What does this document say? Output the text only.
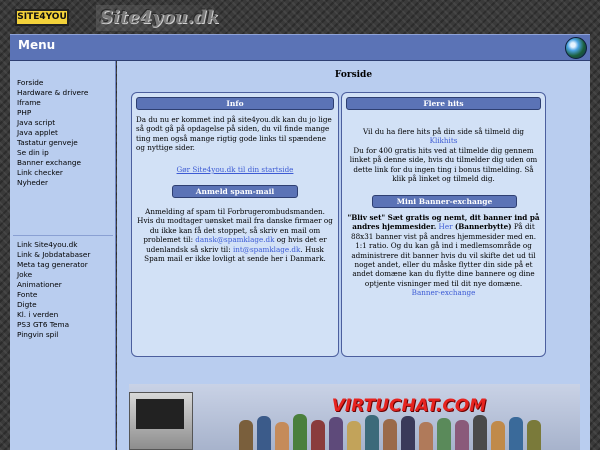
SITE4YOU Site4you.dk
Menu
Forside
Hardware & drivere
Iframe
PHP
Java script
Java applet
Tastatur genveje
Se din ip
Banner exchange
Link checker
Nyheder
Link Site4you.dk
Link & Jobdatabaser
Meta tag generator
Joke
Animationer
Fonte
Digte
Kl. i verden
PS3 GT6 Tema
Pingvin spil
Forside
Info
Da du nu er kommet ind på site4you.dk kan du jo lige så godt gå på opdagelse på siden, du vil finde mange ting men også mange rigtig gode links til spændene og nyttige sider.
Gør Site4you.dk til din startside
Anmeld spam-mail
Anmelding af spam til Forbrugerombudsmanden. Hvis du modtager uønsket mail fra danske firmaer og du ikke kan få det stoppet, så skriv en mail om problemet til: dansk@spamklage.dk og hvis det er udenlandsk så skriv til: int@spamklage.dk. Husk Spam mail er ikke lovligt at sende her i Danmark.
Flere hits
Vil du ha flere hits på din side så tilmeld dig
Klikhits
Du for 400 gratis hits ved at tilmelde dig gennem linket på denne side, hvis du tilmelder dig uden om dette link for du ingen ting i bonus tilmelding. Så klik på linket og tilmeld dig.
Mini Banner-exchange
"Bliv set" Sæt gratis og nemt, dit banner ind på andres hjemmesider. Her (Bannerbytte) På dit 88x31 banner vist på andres hjemmesider med en. 1:1 ratio. Og du kan gå ind i medlemsområde og administrere dit banner hvis du vil skifte det ud til noget andet, eller du måske flytter din side på et andet domæne kan du flytte dine bannere og dine optjente visninger med til dit nye domæne.
Banner-exchange
VIRTUCHAT.COM
